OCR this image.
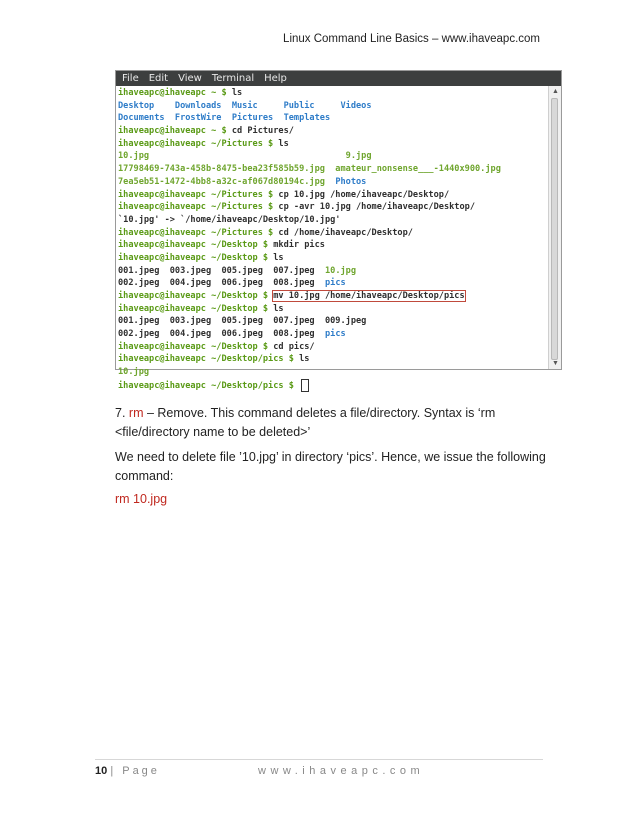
Linux Command Line Basics – www.ihaveapc.com
File Edit View Terminal Help
ihaveapc@ihaveapc ~ $ ls
Desktop    Downloads  Music     Public     Videos
Documents  FrostWire  Pictures  Templates
ihaveapc@ihaveapc ~ $ cd Pictures/
ihaveapc@ihaveapc ~/Pictures $ ls
10.jpg                                      9.jpg
17798469-743a-458b-8475-bea23f585b59.jpg  amateur_nonsense___-1440x900.jpg
7ea5eb51-1472-4bb8-a32c-af067d80194c.jpg  Photos
ihaveapc@ihaveapc ~/Pictures $ cp 10.jpg /home/ihaveapc/Desktop/
ihaveapc@ihaveapc ~/Pictures $ cp -avr 10.jpg /home/ihaveapc/Desktop/
`10.jpg' -> `/home/ihaveapc/Desktop/10.jpg'
ihaveapc@ihaveapc ~/Pictures $ cd /home/ihaveapc/Desktop/
ihaveapc@ihaveapc ~/Desktop $ mkdir pics
ihaveapc@ihaveapc ~/Desktop $ ls
001.jpeg  003.jpeg  005.jpeg  007.jpeg  10.jpg
002.jpeg  004.jpeg  006.jpeg  008.jpeg  pics
ihaveapc@ihaveapc ~/Desktop $ mv 10.jpg /home/ihaveapc/Desktop/pics
ihaveapc@ihaveapc ~/Desktop $ ls
001.jpeg  003.jpeg  005.jpeg  007.jpeg  009.jpeg
002.jpeg  004.jpeg  006.jpeg  008.jpeg  pics
ihaveapc@ihaveapc ~/Desktop $ cd pics/
ihaveapc@ihaveapc ~/Desktop/pics $ ls
10.jpg
ihaveapc@ihaveapc ~/Desktop/pics $
▲
▼
7. rm – Remove. This command deletes a file/directory. Syntax is ‘rm <file/directory name to be deleted>’
We need to delete file ’10.jpg’ in directory ‘pics’. Hence, we issue the following command:
rm 10.jpg
10 | Page	www.ihaveapc.com
